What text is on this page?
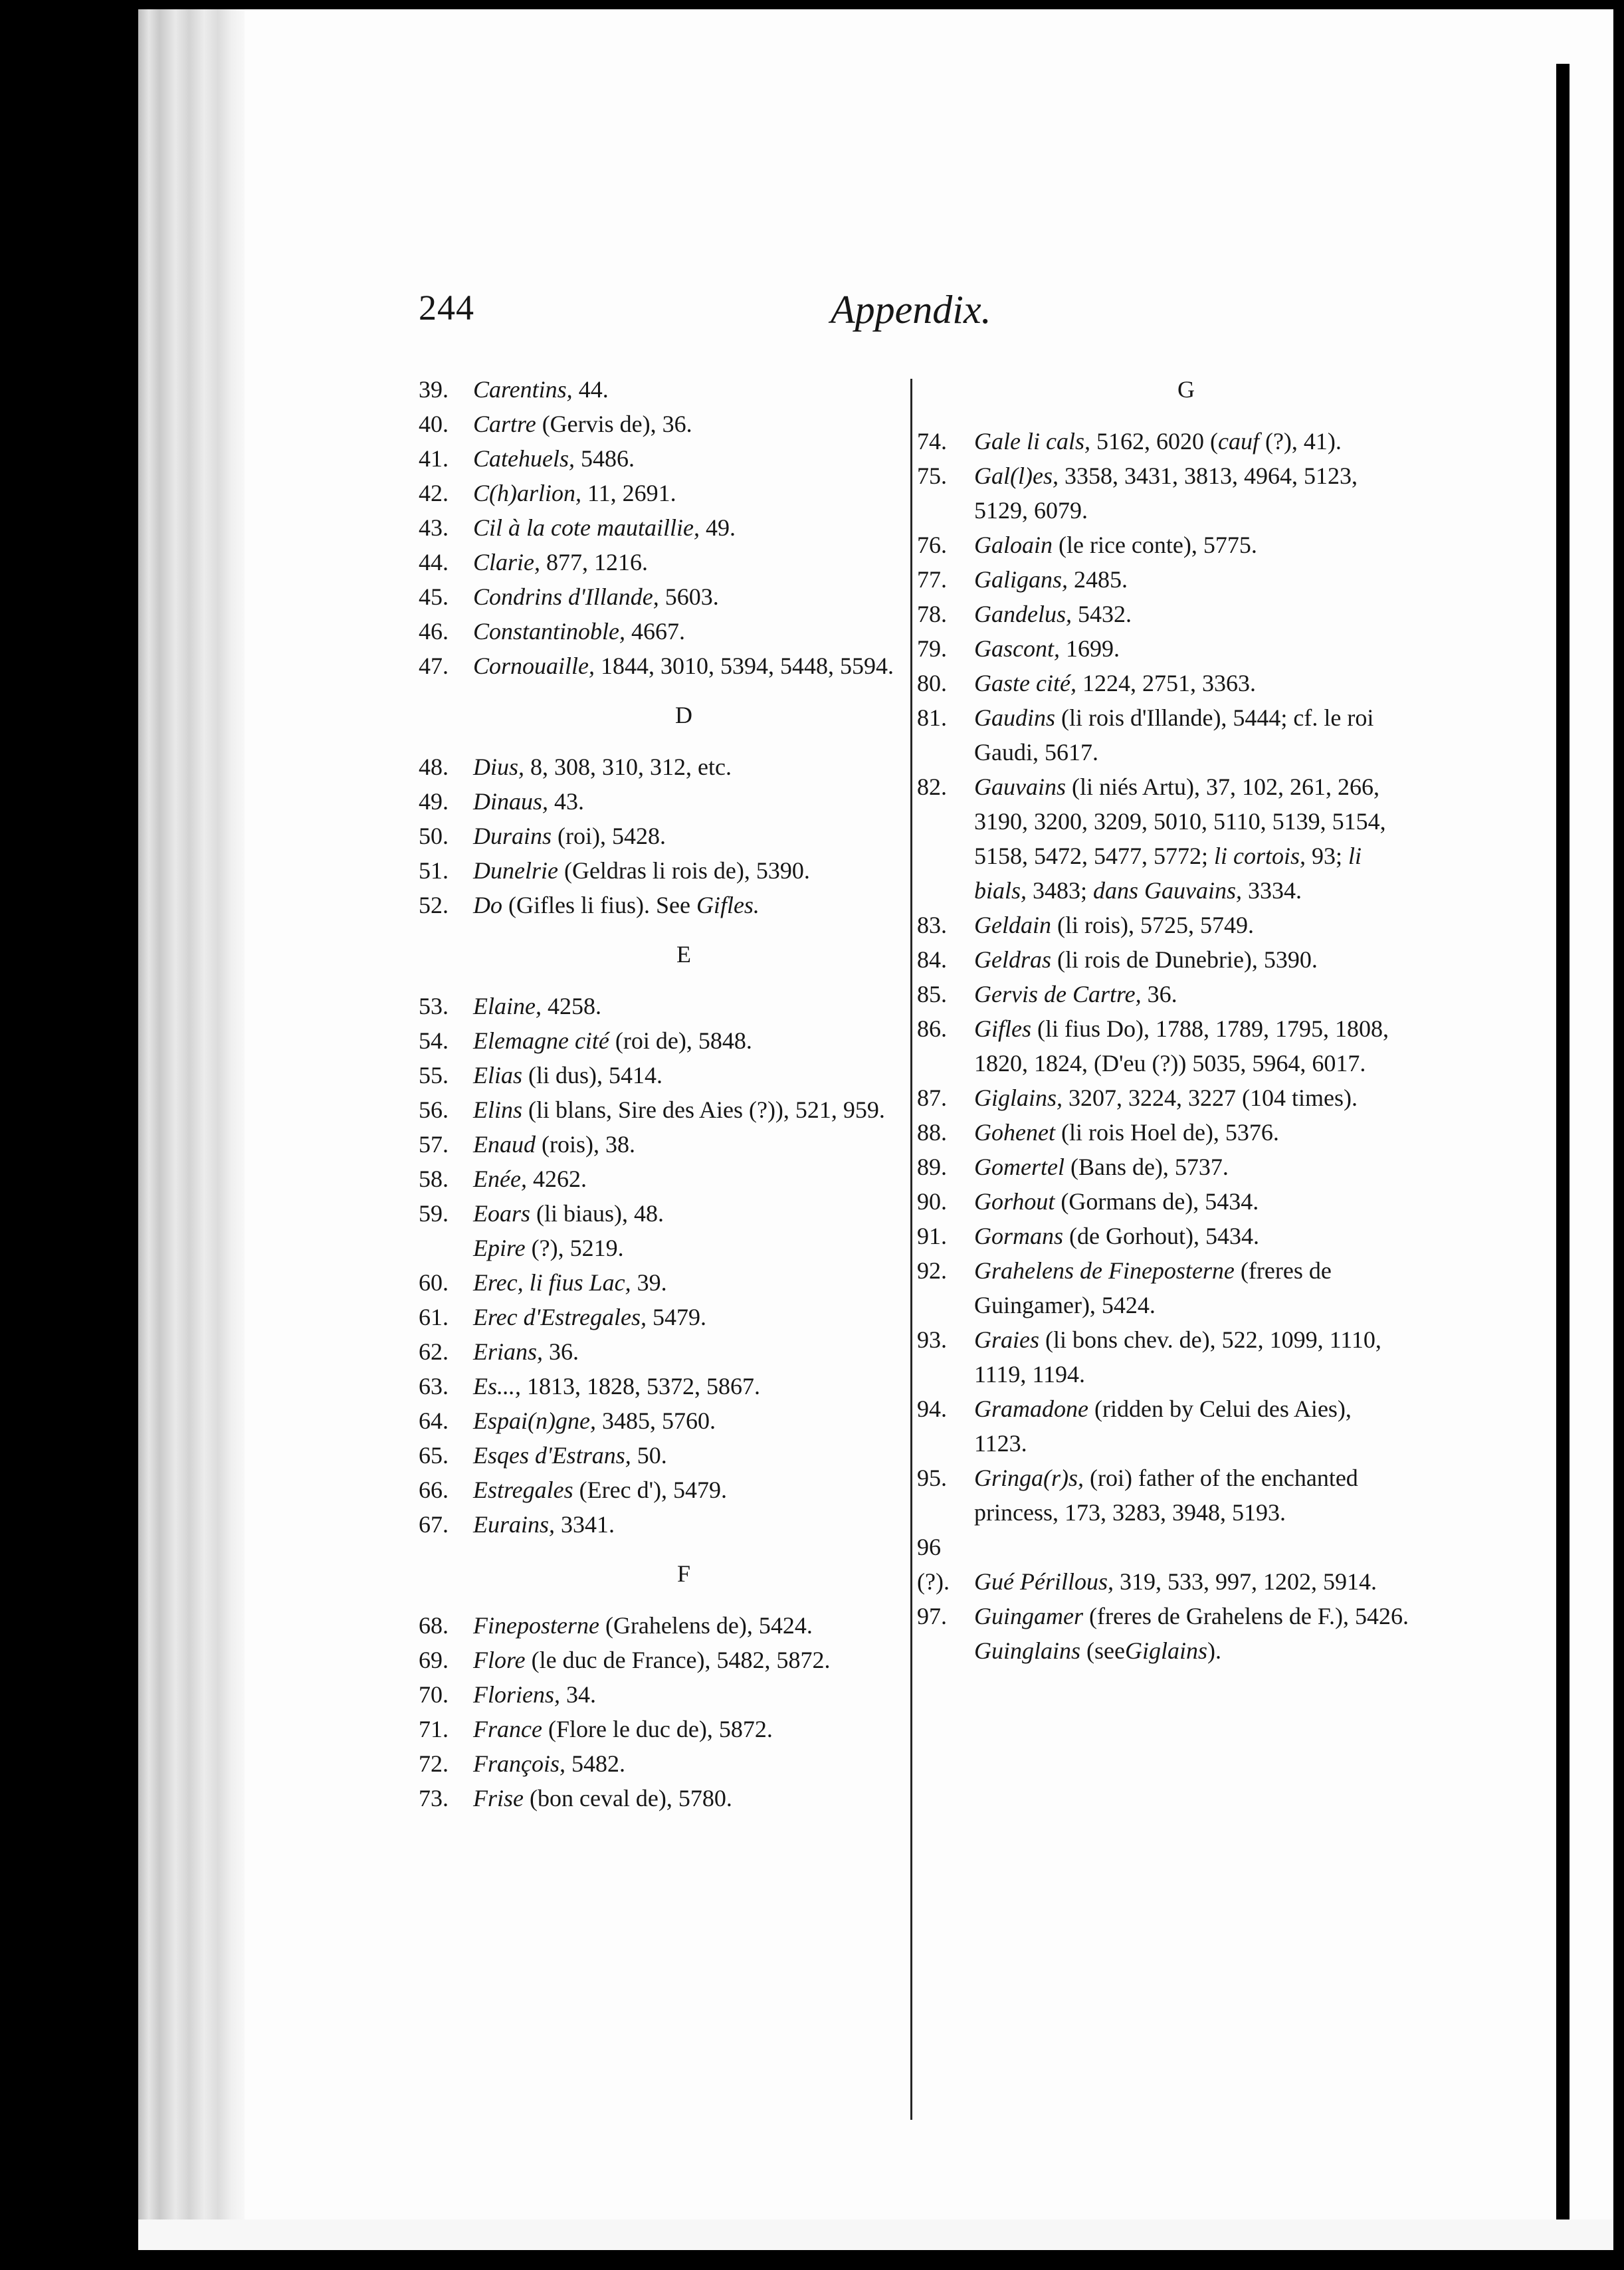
244	Appendix.
39. Carentins, 44.
40. Cartre (Gervis de), 36.
41. Catehuels, 5486.
42. C(h)arlion, 11, 2691.
43. Cil à la cote mautaillie, 49.
44. Clarie, 877, 1216.
45. Condrins d'Illande, 5603.
46. Constantinoble, 4667.
47. Cornouaille, 1844, 3010, 5394, 5448, 5594.
D
48. Dius, 8, 308, 310, 312, etc.
49. Dinaus, 43.
50. Durains (roi), 5428.
51. Dunelrie (Geldras li rois de), 5390.
52. Do (Gifles li fius). See Gifles.
E
53. Elaine, 4258.
54. Elemagne cité (roi de), 5848.
55. Elias (li dus), 5414.
56. Elins (li blans, Sire des Aies (?)), 521, 959.
57. Enaud (rois), 38.
58. Enée, 4262.
59. Eoars (li biaus), 48.
Epire (?), 5219.
60. Erec, li fius Lac, 39.
61. Erec d'Estregales, 5479.
62. Erians, 36.
63. Es..., 1813, 1828, 5372, 5867.
64. Espai(n)gne, 3485, 5760.
65. Esqes d'Estrans, 50.
66. Estregales (Erec d'), 5479.
67. Eurains, 3341.
F
68. Fineposterne (Grahelens de), 5424.
69. Flore (le duc de France), 5482, 5872.
70. Floriens, 34.
71. France (Flore le duc de), 5872.
72. François, 5482.
73. Frise (bon ceval de), 5780.
G
74. Gale li cals, 5162, 6020 (cauf (?), 41).
75. Gal(l)es, 3358, 3431, 3813, 4964, 5123, 5129, 6079.
76. Galoain (le rice conte), 5775.
77. Galigans, 2485.
78. Gandelus, 5432.
79. Gascont, 1699.
80. Gaste cité, 1224, 2751, 3363.
81. Gaudins (li rois d'Illande), 5444; cf. le roi Gaudi, 5617.
82. Gauvains (li niés Artu), 37, 102, 261, 266, 3190, 3200, 3209, 5010, 5110, 5139, 5154, 5158, 5472, 5477, 5772; li cortois, 93; li bials, 3483; dans Gauvains, 3334.
83. Geldain (li rois), 5725, 5749.
84. Geldras (li rois de Dunebrie), 5390.
85. Gervis de Cartre, 36.
86. Gifles (li fius Do), 1788, 1789, 1795, 1808, 1820, 1824, (D'eu (?)) 5035, 5964, 6017.
87. Giglains, 3207, 3224, 3227 (104 times).
88. Gohenet (li rois Hoel de), 5376.
89. Gomertel (Bans de), 5737.
90. Gorhout (Gormans de), 5434.
91. Gormans (de Gorhout), 5434.
92. Grahelens de Fineposterne (freres de Guingamer), 5424.
93. Graies (li bons chev. de), 522, 1099, 1110, 1119, 1194.
94. Gramadone (ridden by Celui des Aies), 1123.
95. Gringa(r)s, (roi) father of the enchanted princess, 173, 3283, 3948, 5193.
96 (?). Gué Périllous, 319, 533, 997, 1202, 5914.
97. Guingamer (freres de Grahelens de F.), 5426.
Guinglains (seeGiglains).
